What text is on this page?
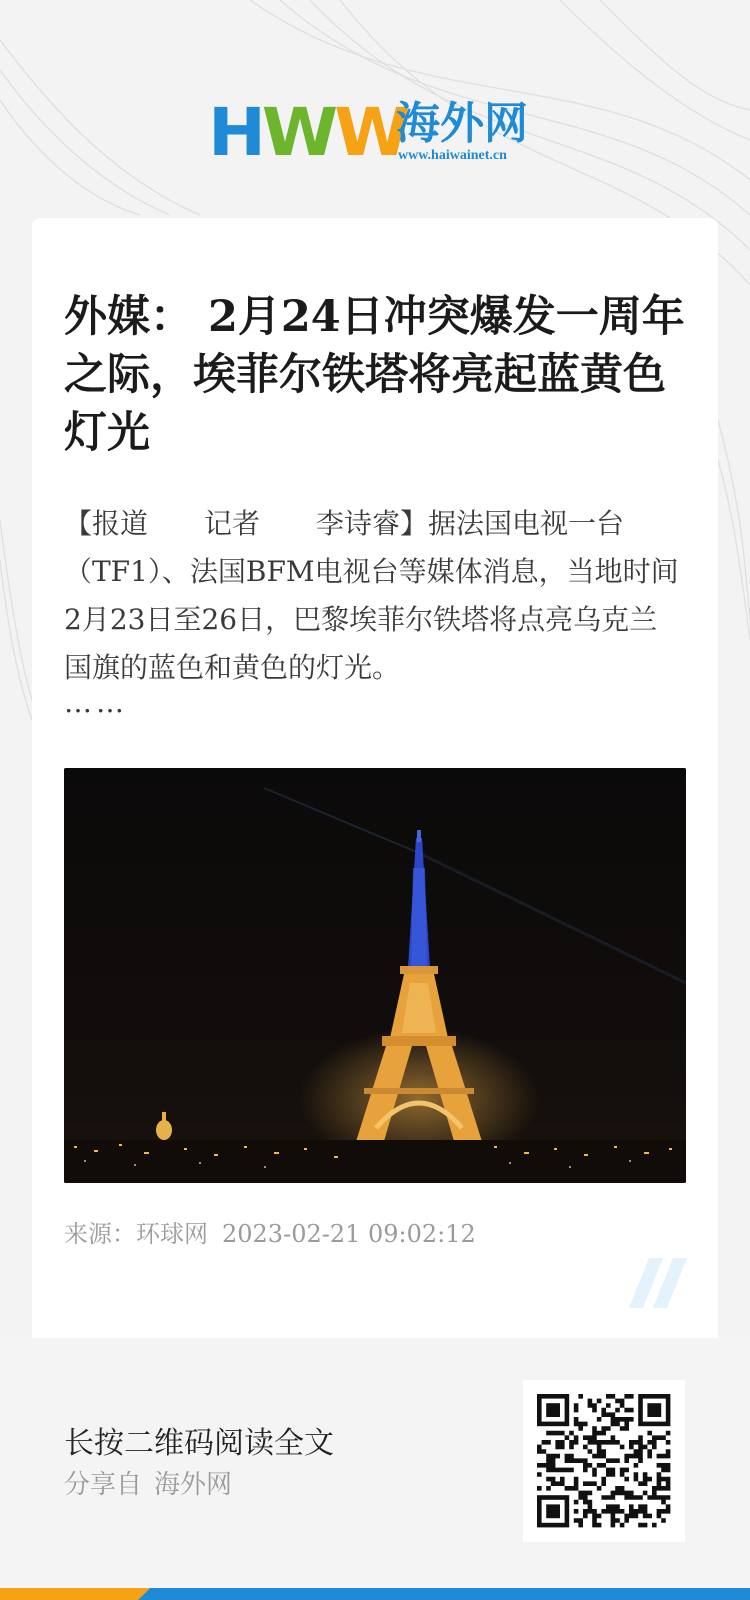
HWW
海外网
www.haiwainet.cn
外媒： 2月24日冲突爆发一周年之际，埃菲尔铁塔将亮起蓝黄色灯光

【报道　　记者　　李诗睿】据法国电视一台（TF1）、法国BFM电视台等媒体消息，当地时间2月23日至26日，巴黎埃菲尔铁塔将点亮乌克兰国旗的蓝色和黄色的灯光。

……
来源：环球网 2023-02-21 09:02:12
长按二维码阅读全文
分享自 海外网
